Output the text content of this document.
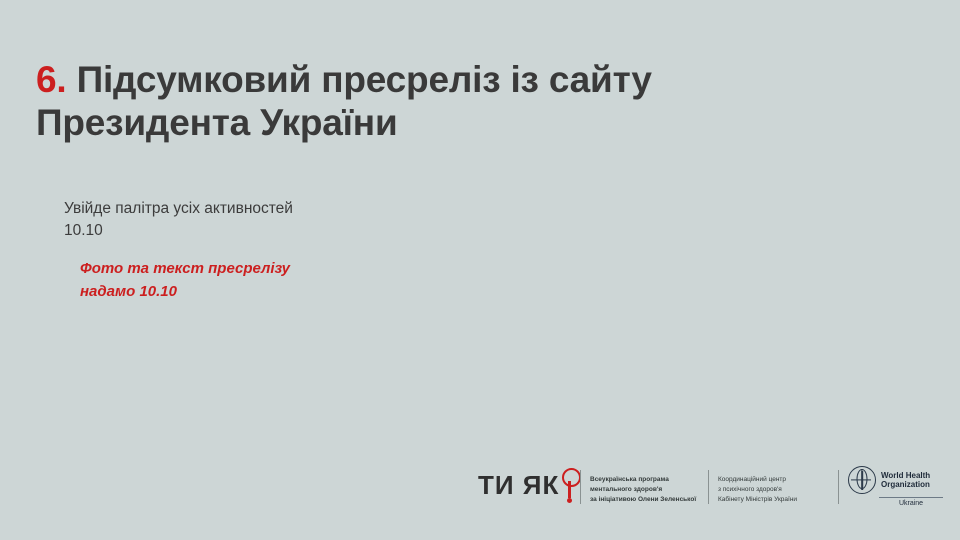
6. Підсумковий пресреліз із сайту
Президента України
Увійде палітра усіх активностей
10.10
Фото та текст пресрелізу
надамо 10.10
ТИ ЯК	Всеукраїнська програма
ментального здоров'я
за ініціативою Олени Зеленської
Координаційний центр
з психічного здоров'я
Кабінету Міністрів України
World Health
Organization
Ukraine
